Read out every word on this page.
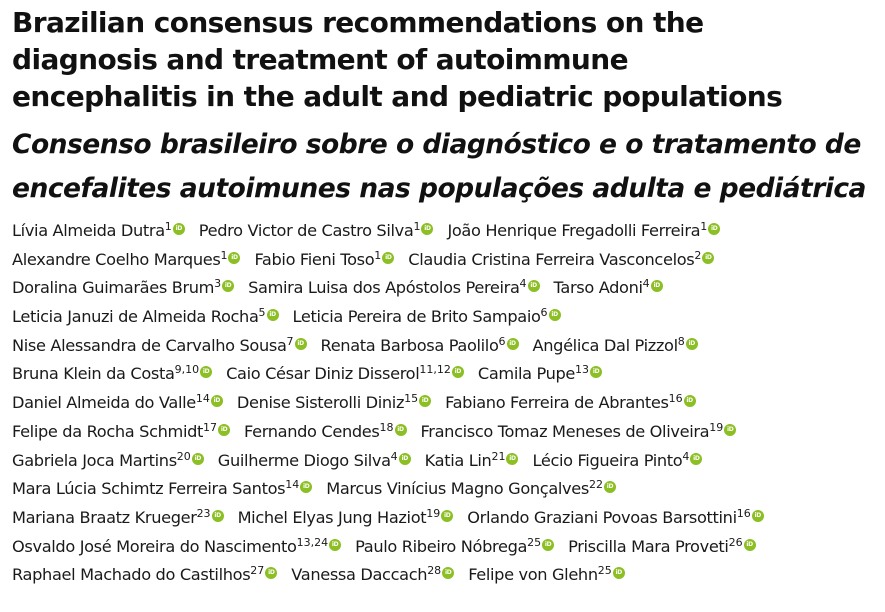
Brazilian consensus recommendations on the
diagnosis and treatment of autoimmune
encephalitis in the adult and pediatric populations
Consenso brasileiro sobre o diagnóstico e o tratamento de
encefalites autoimunes nas populações adulta e pediátrica
Lívia Almeida Dutra$^1$ iD Pedro Victor de Castro Silva$^1$ iD João Henrique Fregadolli Ferreira$^1$ iD
Alexandre Coelho Marques$^1$ iD Fabio Fieni Toso$^1$ iD Claudia Cristina Ferreira Vasconcelos$^2$ iD
Doralina Guimarães Brum$^3$ iD Samira Luisa dos Apóstolos Pereira$^4$ iD Tarso Adoni$^4$ iD
Leticia Januzi de Almeida Rocha$^5$ iD Leticia Pereira de Brito Sampaio$^6$ iD
Nise Alessandra de Carvalho Sousa$^7$ iD Renata Barbosa Paolilo$^6$ iD Angélica Dal Pizzol$^8$ iD
Bruna Klein da Costa$^{9,10}$ iD Caio César Diniz Disserol$^{11,12}$ iD Camila Pupe$^{13}$ iD
Daniel Almeida do Valle$^{14}$ iD Denise Sisterolli Diniz$^{15}$ iD Fabiano Ferreira de Abrantes$^{16}$ iD
Felipe da Rocha Schmidt$^{17}$ iD Fernando Cendes$^{18}$ iD Francisco Tomaz Meneses de Oliveira$^{19}$ iD
Gabriela Joca Martins$^{20}$ iD Guilherme Diogo Silva$^4$ iD Katia Lin$^{21}$ iD Lécio Figueira Pinto$^4$ iD
Mara Lúcia Schimtz Ferreira Santos$^{14}$ iD Marcus Vinícius Magno Gonçalves$^{22}$ iD
Mariana Braatz Krueger$^{23}$ iD Michel Elyas Jung Haziot$^{19}$ iD Orlando Graziani Povoas Barsottini$^{16}$ iD
Osvaldo José Moreira do Nascimento$^{13,24}$ iD Paulo Ribeiro Nóbrega$^{25}$ iD Priscilla Mara Proveti$^{26}$ iD
Raphael Machado do Castilhos$^{27}$ iD Vanessa Daccach$^{28}$ iD Felipe von Glehn$^{25}$ iD
